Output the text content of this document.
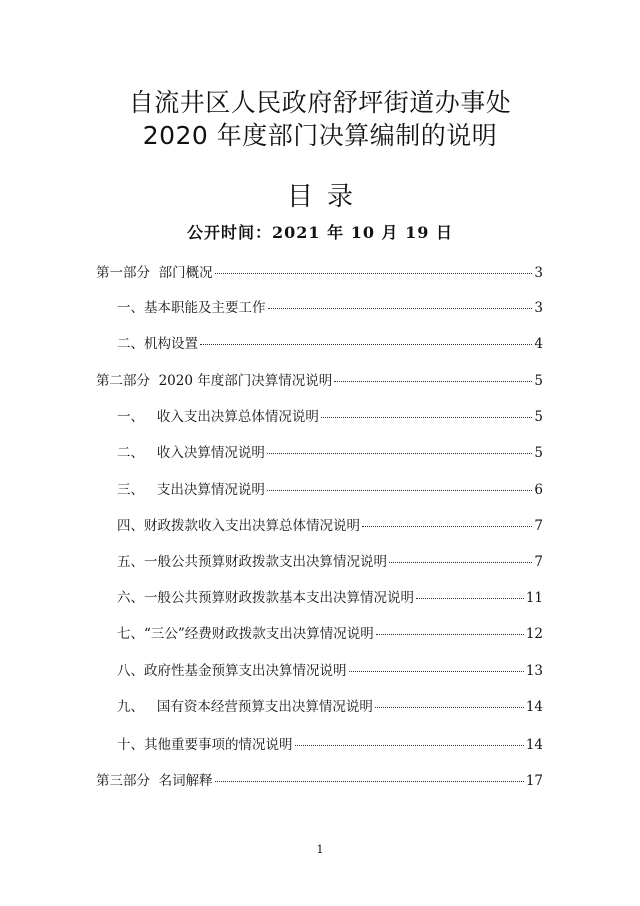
自流井区人民政府舒坪街道办事处
2020 年度部门决算编制的说明
目录
公开时间：2021 年 10 月 19 日
第一部分  部门概况	3
一、基本职能及主要工作	3
二、机构设置	4
第二部分  2020 年度部门决算情况说明	5
一、   收入支出决算总体情况说明	5
二、   收入决算情况说明	5
三、   支出决算情况说明	6
四、财政拨款收入支出决算总体情况说明	7
五、一般公共预算财政拨款支出决算情况说明	7
六、一般公共预算财政拨款基本支出决算情况说明	11
七、“三公”经费财政拨款支出决算情况说明	12
八、政府性基金预算支出决算情况说明	13
九、   国有资本经营预算支出决算情况说明	14
十、其他重要事项的情况说明	14
第三部分  名词解释	17
1
